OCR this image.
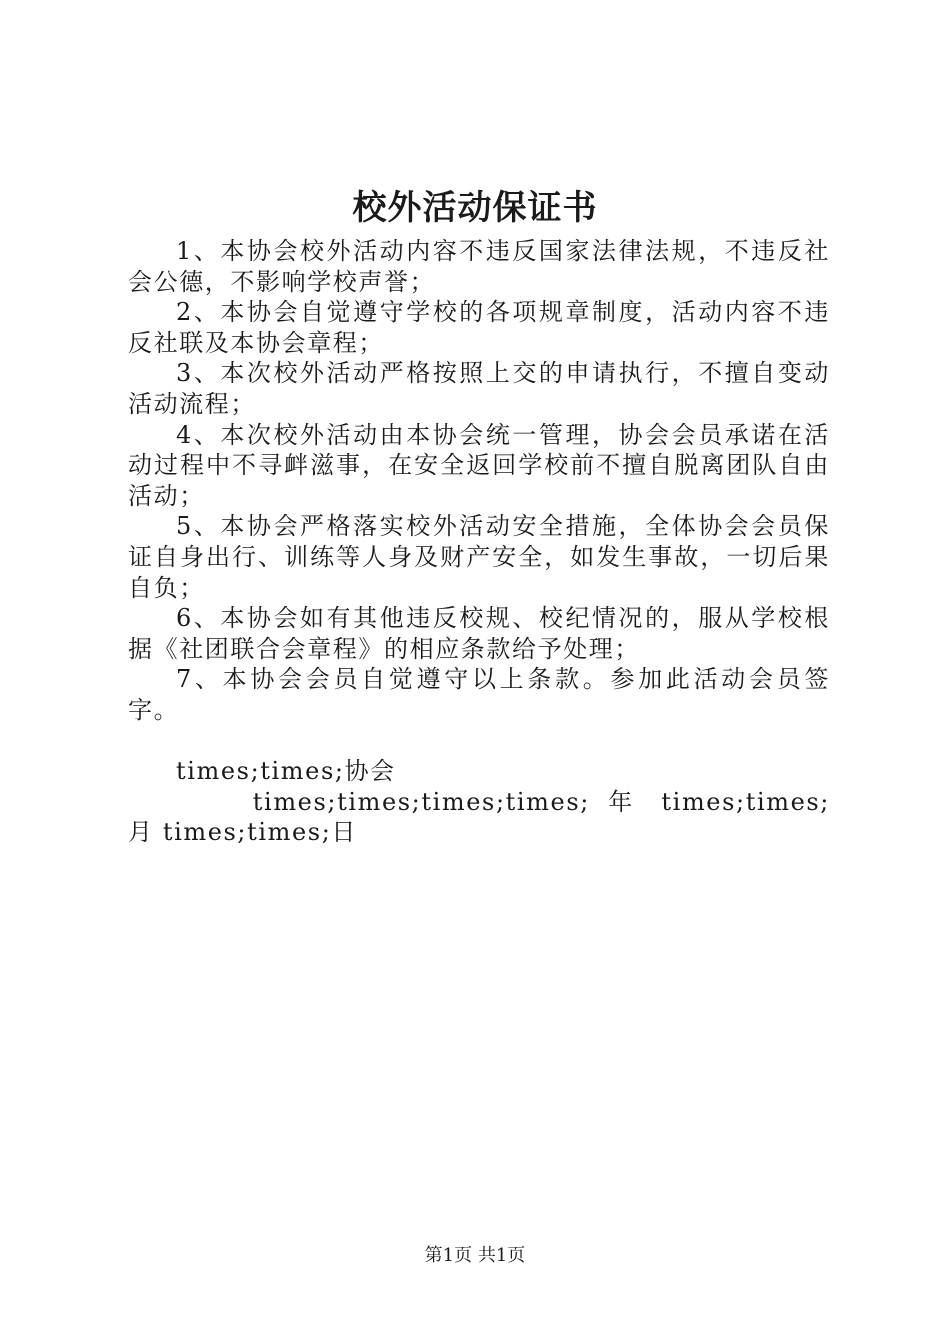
校外活动保证书

1、本协会校外活动内容不违反国家法律法规，不违反社会公德，不影响学校声誉；

2、本协会自觉遵守学校的各项规章制度，活动内容不违反社联及本协会章程；

3、本次校外活动严格按照上交的申请执行，不擅自变动活动流程；

4、本次校外活动由本协会统一管理，协会会员承诺在活动过程中不寻衅滋事，在安全返回学校前不擅自脱离团队自由活动；

5、本协会严格落实校外活动安全措施，全体协会会员保证自身出行、训练等人身及财产安全，如发生事故，一切后果自负；

6、本协会如有其他违反校规、校纪情况的，服从学校根据《社团联合会章程》的相应条款给予处理；

7、本协会会员自觉遵守以上条款。参加此活动会员签字。

times;times;协会

times;times;times;times; 年 times;times; 月 times;times;日

第1页 共1页
